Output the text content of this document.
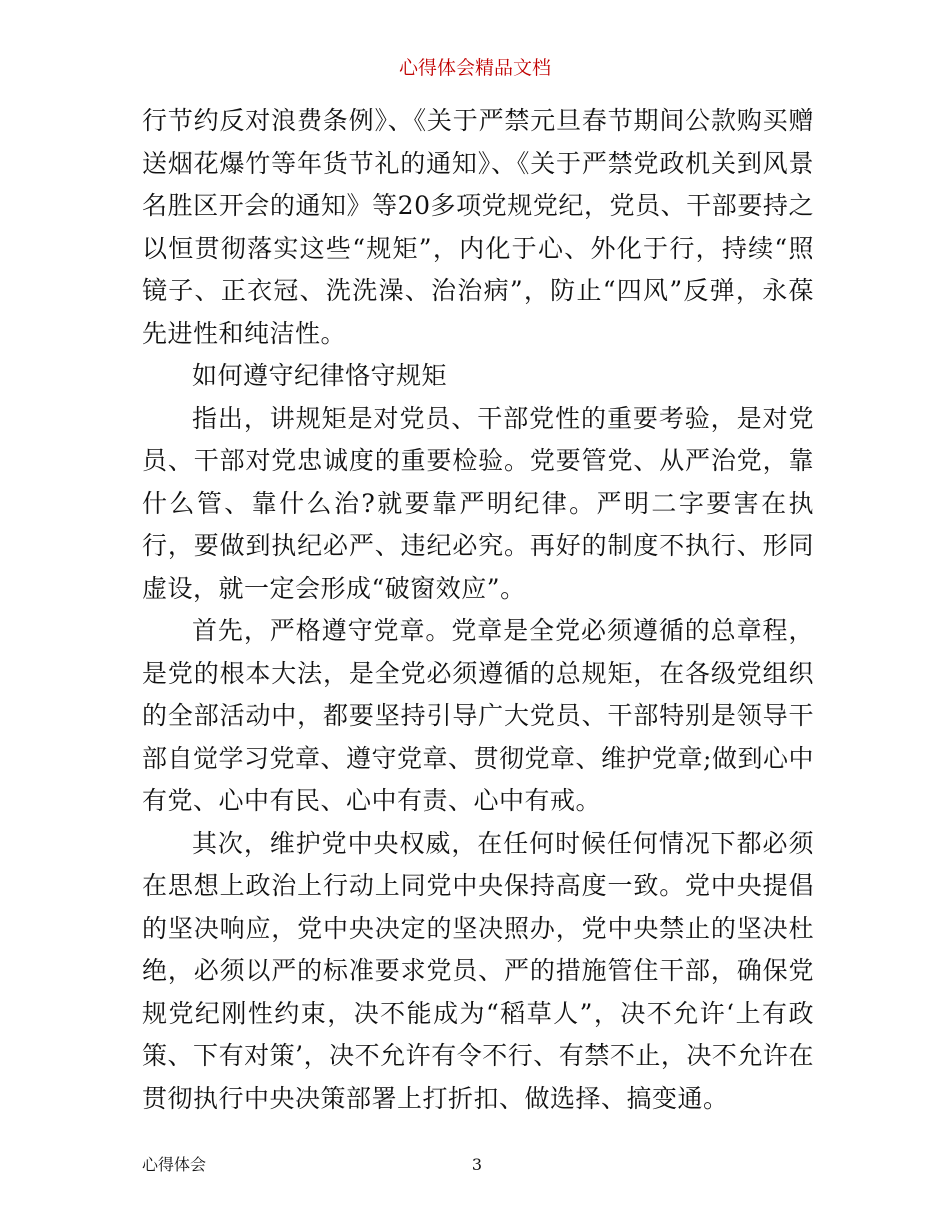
心得体会精品文档

行节约反对浪费条例》、《关于严禁元旦春节期间公款购买赠送烟花爆竹等年货节礼的通知》、《关于严禁党政机关到风景名胜区开会的通知》等20多项党规党纪，党员、干部要持之以恒贯彻落实这些“规矩”，内化于心、外化于行，持续“照镜子、正衣冠、洗洗澡、治治病”，防止“四风”反弹，永葆先进性和纯洁性。

如何遵守纪律恪守规矩

指出，讲规矩是对党员、干部党性的重要考验，是对党员、干部对党忠诚度的重要检验。党要管党、从严治党，靠什么管、靠什么治?就要靠严明纪律。严明二字要害在执行，要做到执纪必严、违纪必究。再好的制度不执行、形同虚设，就一定会形成“破窗效应”。

首先，严格遵守党章。党章是全党必须遵循的总章程，是党的根本大法，是全党必须遵循的总规矩，在各级党组织的全部活动中，都要坚持引导广大党员、干部特别是领导干部自觉学习党章、遵守党章、贯彻党章、维护党章;做到心中有党、心中有民、心中有责、心中有戒。

其次，维护党中央权威，在任何时候任何情况下都必须在思想上政治上行动上同党中央保持高度一致。党中央提倡的坚决响应，党中央决定的坚决照办，党中央禁止的坚决杜绝，必须以严的标准要求党员、严的措施管住干部，确保党规党纪刚性约束，决不能成为“稻草人”，决不允许‘上有政策、下有对策’，决不允许有令不行、有禁不止，决不允许在贯彻执行中央决策部署上打折扣、做选择、搞变通。

心得体会	3
